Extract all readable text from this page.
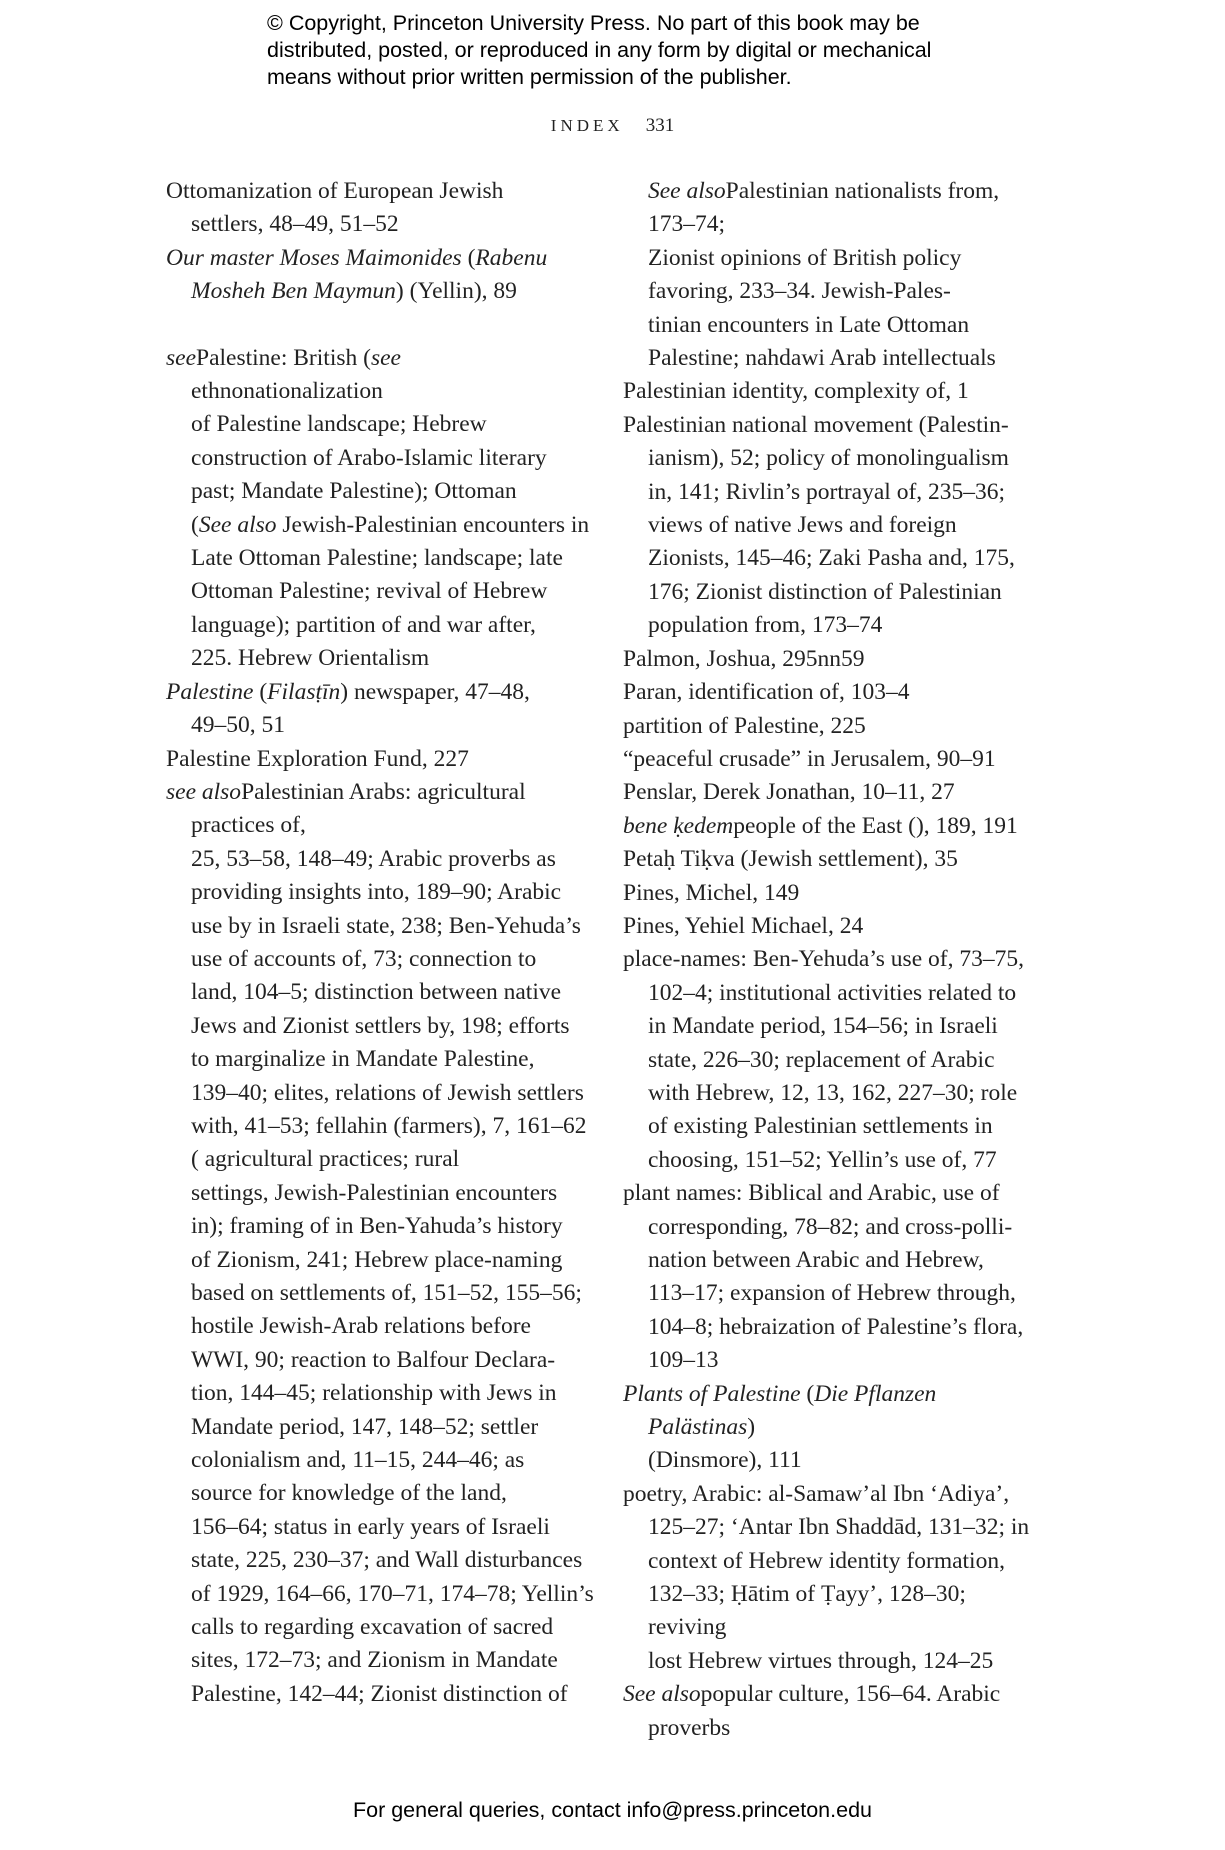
© Copyright, Princeton University Press. No part of this book may be
distributed, posted, or reproduced in any form by digital or mechanical
means without prior written permission of the publisher.
INDEX 331

Ottomanization of European Jewish
settlers, 48–49, 51–52

Our master Moses Maimonides (Rabenu
Mosheh Ben Maymun) (Yellin), 89

seePalestine: British (see ethnonationalization
of Palestine landscape; Hebrew
construction of Arabo-Islamic literary
past; Mandate Palestine); Ottoman
(See also Jewish-Palestinian encounters in
Late Ottoman Palestine; landscape; late
Ottoman Palestine; revival of Hebrew
language); partition of and war after,
225. Hebrew Orientalism

Palestine (Filasṭīn) newspaper, 47–48,
49–50, 51

Palestine Exploration Fund, 227

see alsoPalestinian Arabs: agricultural practices of,
25, 53–58, 148–49; Arabic proverbs as
providing insights into, 189–90; Arabic
use by in Israeli state, 238; Ben-Yehuda’s
use of accounts of, 73; connection to
land, 104–5; distinction between native
Jews and Zionist settlers by, 198; efforts
to marginalize in Mandate Palestine,
139–40; elites, relations of Jewish settlers
with, 41–53; fellahin (farmers), 7, 161–62
( agricultural practices; rural
settings, Jewish-Palestinian encounters
in); framing of in Ben-Yahuda’s history
of Zionism, 241; Hebrew place-naming
based on settlements of, 151–52, 155–56;
hostile Jewish-Arab relations before
WWI, 90; reaction to Balfour Declara-
tion, 144–45; relationship with Jews in
Mandate period, 147, 148–52; settler
colonialism and, 11–15, 244–46; as
source for knowledge of the land,
156–64; status in early years of Israeli
state, 225, 230–37; and Wall disturbances
of 1929, 164–66, 170–71, 174–78; Yellin’s
calls to regarding excavation of sacred
sites, 172–73; and Zionism in Mandate
Palestine, 142–44; Zionist distinction of

See alsoPalestinian nationalists from, 173–74;
Zionist opinions of British policy
favoring, 233–34. Jewish-Pales-
tinian encounters in Late Ottoman
Palestine; nahdawi Arab intellectuals

Palestinian identity, complexity of, 1

Palestinian national movement (Palestin-
ianism), 52; policy of monolingualism
in, 141; Rivlin’s portrayal of, 235–36;
views of native Jews and foreign
Zionists, 145–46; Zaki Pasha and, 175,
176; Zionist distinction of Palestinian
population from, 173–74

Palmon, Joshua, 295nn59

Paran, identification of, 103–4

partition of Palestine, 225

“peaceful crusade” in Jerusalem, 90–91

Penslar, Derek Jonathan, 10–11, 27

bene ḳedempeople of the East (), 189, 191

Petaḥ Tiḳva (Jewish settlement), 35

Pines, Michel, 149

Pines, Yehiel Michael, 24

place-names: Ben-Yehuda’s use of, 73–75,
102–4; institutional activities related to
in Mandate period, 154–56; in Israeli
state, 226–30; replacement of Arabic
with Hebrew, 12, 13, 162, 227–30; role
of existing Palestinian settlements in
choosing, 151–52; Yellin’s use of, 77

plant names: Biblical and Arabic, use of
corresponding, 78–82; and cross-polli-
nation between Arabic and Hebrew,
113–17; expansion of Hebrew through,
104–8; hebraization of Palestine’s flora,
109–13

Plants of Palestine (Die Pflanzen Palästinas)
(Dinsmore), 111

poetry, Arabic: al-Samaw’al Ibn ‘Adiya’,
125–27; ‘Antar Ibn Shaddād, 131–32; in
context of Hebrew identity formation,
132–33; Ḥātim of Ṭayy’, 128–30; reviving
lost Hebrew virtues through, 124–25

See alsopopular culture, 156–64. Arabic
proverbs

For general queries, contact info@press.princeton.edu
